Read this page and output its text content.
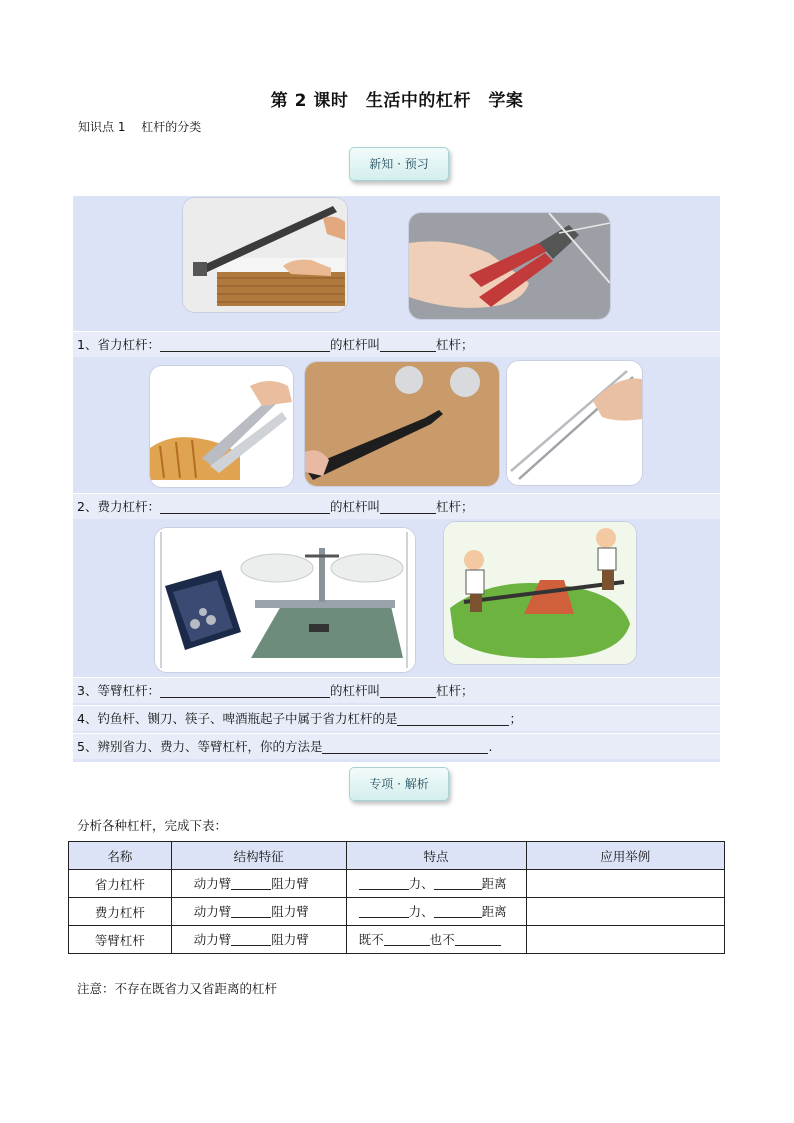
第 2 课时　生活中的杠杆　学案
知识点 1　 杠杆的分类
新知 · 预习
1、省力杠杆：	的杠杆叫	杠杆；
2、费力杠杆：	的杠杆叫	杠杆；
3、等臂杠杆：	的杠杆叫	杠杆；
4、钓鱼杆、铡刀、筷子、啤酒瓶起子中属于省力杠杆的是	；
5、辨别省力、费力、等臂杠杆，你的方法是	.
专项 · 解析
分析各种杠杆，完成下表：
名称	结构特征	特点	应用举例
省力杠杆	动力臂 阻力臂	力、 距离	
费力杠杆	动力臂 阻力臂	力、 距离	
等臂杠杆	动力臂 阻力臂	既不 也不	
注意：不存在既省力又省距离的杠杆
